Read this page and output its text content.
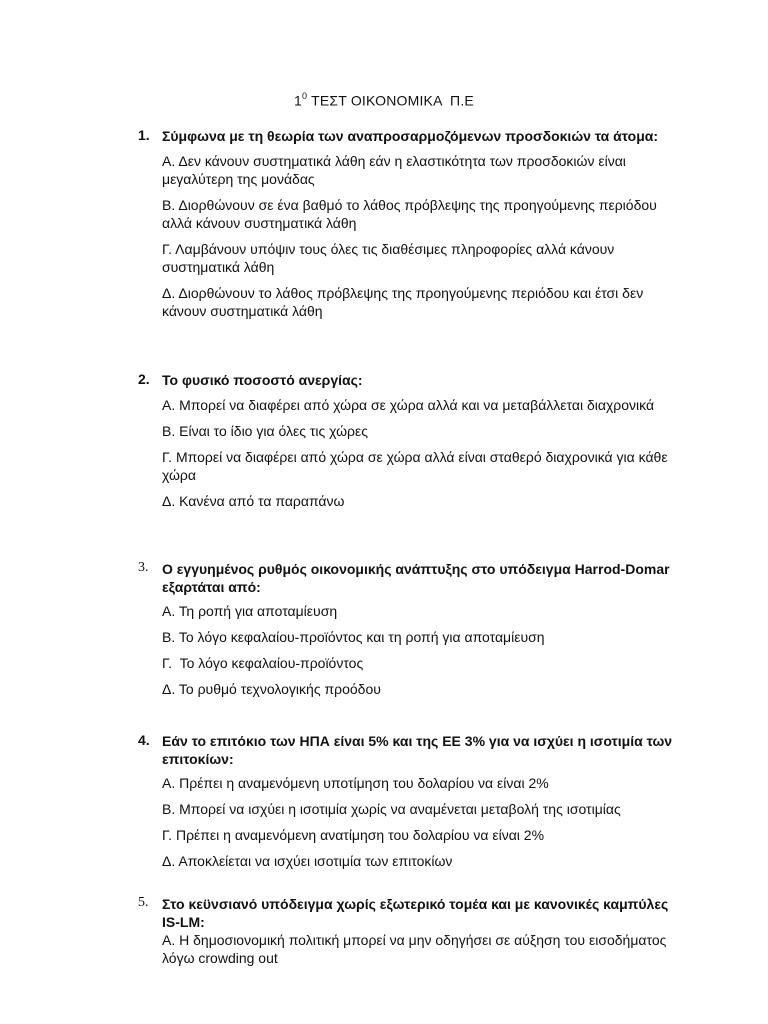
$1^0$ ΤΕΣΤ ΟΙΚΟΝΟΜΙΚΑ  Π.Ε
1. Σύμφωνα με τη θεωρία των αναπροσαρμοζόμενων προσδοκιών τα άτομα:
Α. Δεν κάνουν συστηματικά λάθη εάν η ελαστικότητα των προσδοκιών είναι μεγαλύτερη της μονάδας
Β. Διορθώνουν σε ένα βαθμό το λάθος πρόβλεψης της προηγούμενης περιόδου αλλά κάνουν συστηματικά λάθη
Γ. Λαμβάνουν υπόψιν τους όλες τις διαθέσιμες πληροφορίες αλλά κάνουν συστηματικά λάθη
Δ. Διορθώνουν το λάθος πρόβλεψης της προηγούμενης περιόδου και έτσι δεν κάνουν συστηματικά λάθη
2. Το φυσικό ποσοστό ανεργίας:
Α. Μπορεί να διαφέρει από χώρα σε χώρα αλλά και να μεταβάλλεται διαχρονικά
Β. Είναι το ίδιο για όλες τις χώρες
Γ. Μπορεί να διαφέρει από χώρα σε χώρα αλλά είναι σταθερό διαχρονικά για κάθε χώρα
Δ. Κανένα από τα παραπάνω
3. Ο εγγυημένος ρυθμός οικονομικής ανάπτυξης στο υπόδειγμα Harrod-Domar εξαρτάται από:
Α. Τη ροπή για αποταμίευση
Β. Το λόγο κεφαλαίου-προϊόντος και τη ροπή για αποταμίευση
Γ.  Το λόγο κεφαλαίου-προϊόντος
Δ. Το ρυθμό τεχνολογικής προόδου
4. Εάν το επιτόκιο των ΗΠΑ είναι 5% και της ΕΕ 3% για να ισχύει η ισοτιμία των επιτοκίων:
Α. Πρέπει η αναμενόμενη υποτίμηση του δολαρίου να είναι 2%
Β. Μπορεί να ισχύει η ισοτιμία χωρίς να αναμένεται μεταβολή της ισοτιμίας
Γ. Πρέπει η αναμενόμενη ανατίμηση του δολαρίου να είναι 2%
Δ. Αποκλείεται να ισχύει ισοτιμία των επιτοκίων
5. Στο κεϋνσιανό υπόδειγμα χωρίς εξωτερικό τομέα και με κανονικές καμπύλες IS-LM:
Α. Η δημοσιονομική πολιτική μπορεί να μην οδηγήσει σε αύξηση του εισοδήματος λόγω crowding out
